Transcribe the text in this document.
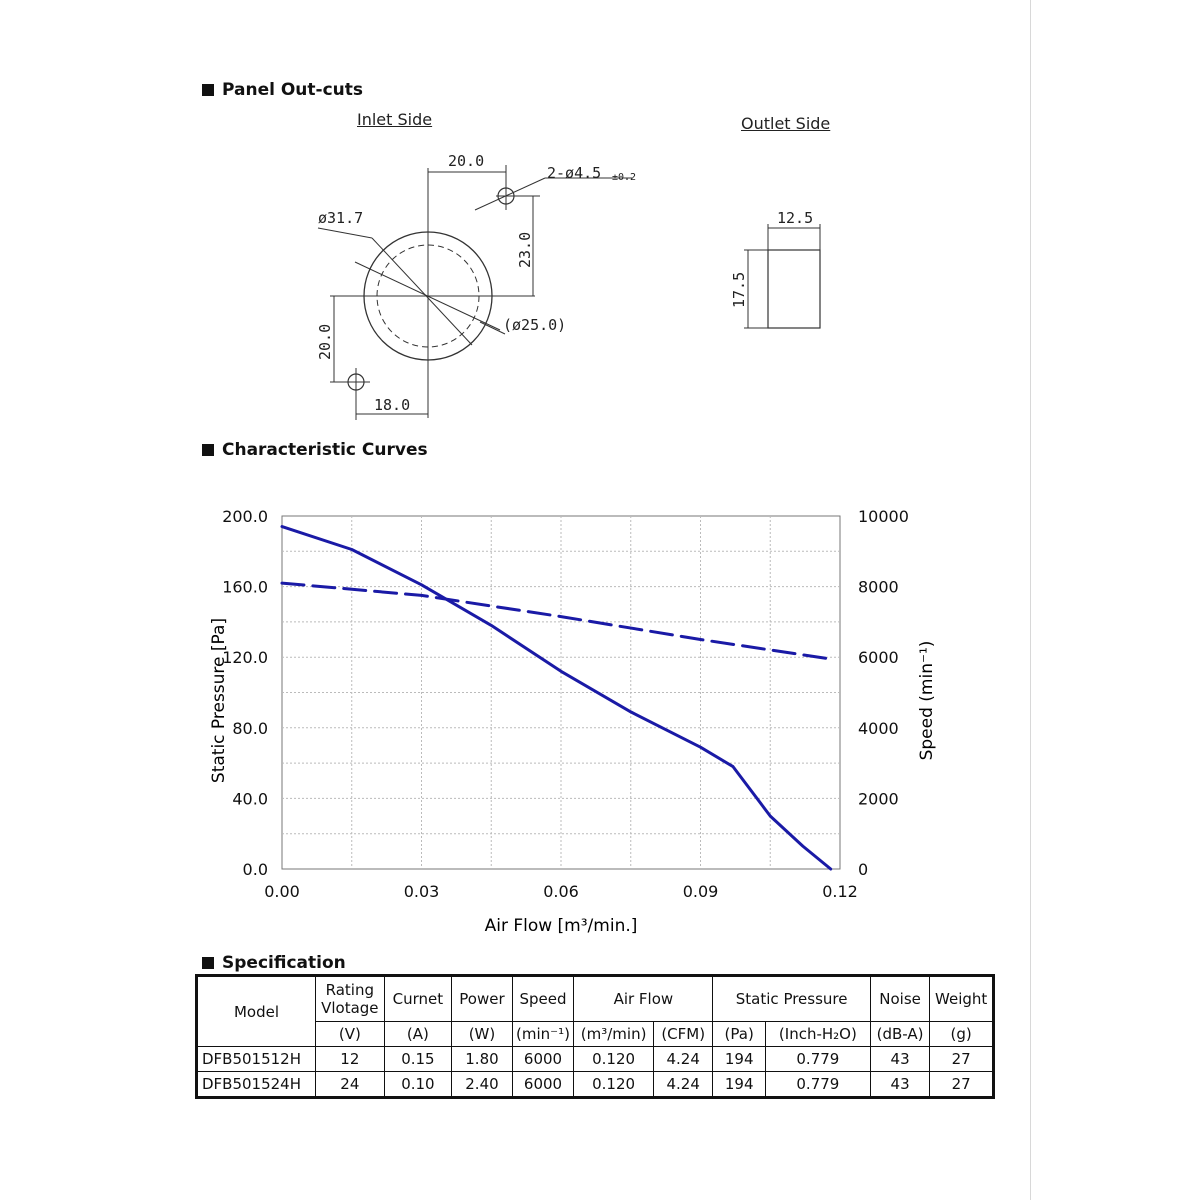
Panel Out-cuts
Inlet Side	Outlet Side
20.0
2-ø4.5 ±0.2
23.0
ø31.7
(ø25.0)
20.0
18.0
12.5
17.5
Characteristic Curves
0.00	0.03	0.06	0.09	0.12
0.0
40.0
80.0
120.0
160.0
200.0
0
2000
4000
6000
8000
10000
Air Flow [m³/min.]
Static Pressure [Pa]	Speed (min⁻¹)
Specification
Model	Rating Vlotage	Curnet	Power	Speed	Air Flow		Static Pressure		Noise	Weight
	(V)	(A)	(W)	(min⁻¹)	(m³/min)	(CFM)	(Pa)	(Inch-H₂O)	(dB-A)	(g)
DFB501512H	12	0.15	1.80	6000	0.120	4.24	194	0.779	43	27
DFB501524H	24	0.10	2.40	6000	0.120	4.24	194	0.779	43	27
